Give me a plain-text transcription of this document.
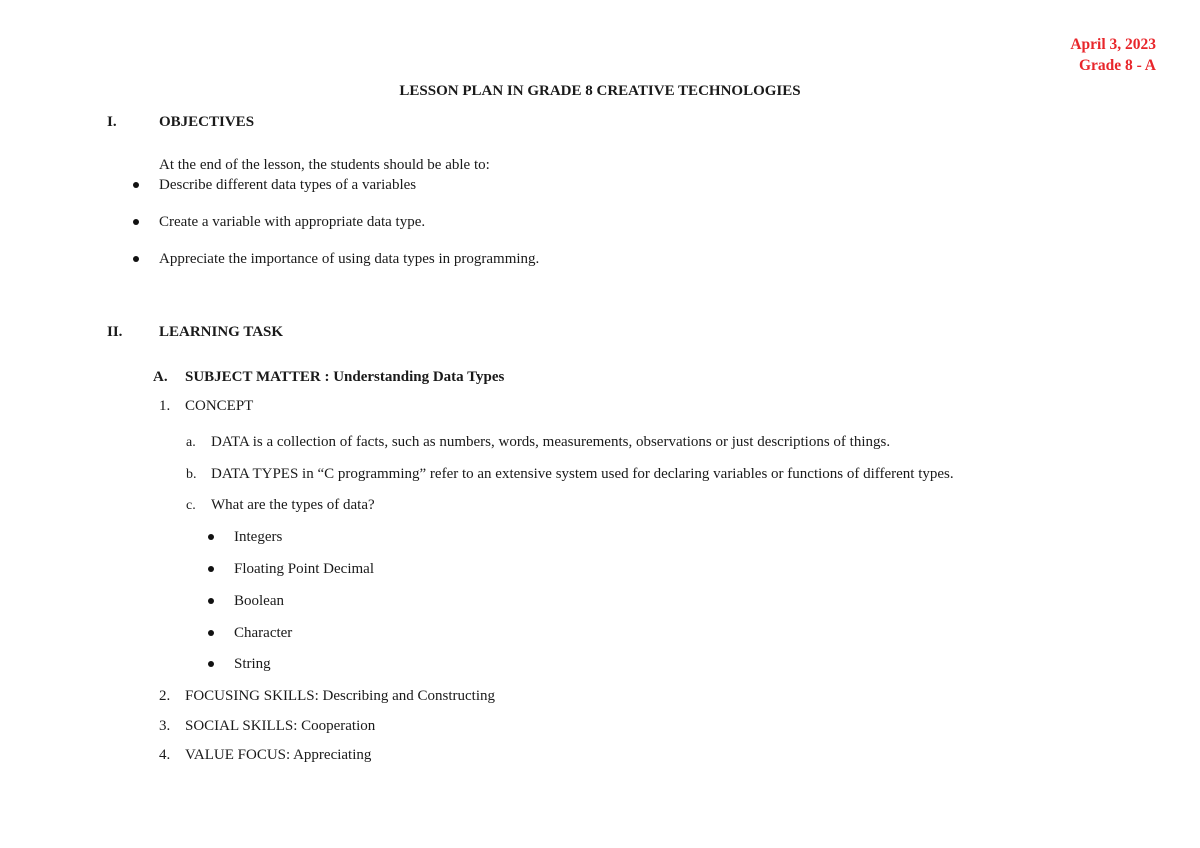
April 3, 2023
Grade 8 - A
LESSON PLAN IN GRADE 8 CREATIVE TECHNOLOGIES
I.	OBJECTIVES
At the end of the lesson, the students should be able to:
Describe different data types of a variables
Create a variable with appropriate data type.
Appreciate the importance of using data types in programming.
II. LEARNING TASK
A. SUBJECT MATTER : Understanding Data Types
1. CONCEPT
a. DATA is a collection of facts, such as numbers, words, measurements, observations or just descriptions of things.
b. DATA TYPES in “C programming” refer to an extensive system used for declaring variables or functions of different types.
c. What are the types of data?
Integers
Floating Point Decimal
Boolean
Character
String
2. FOCUSING SKILLS: Describing and Constructing
3. SOCIAL SKILLS: Cooperation
4. VALUE FOCUS: Appreciating
